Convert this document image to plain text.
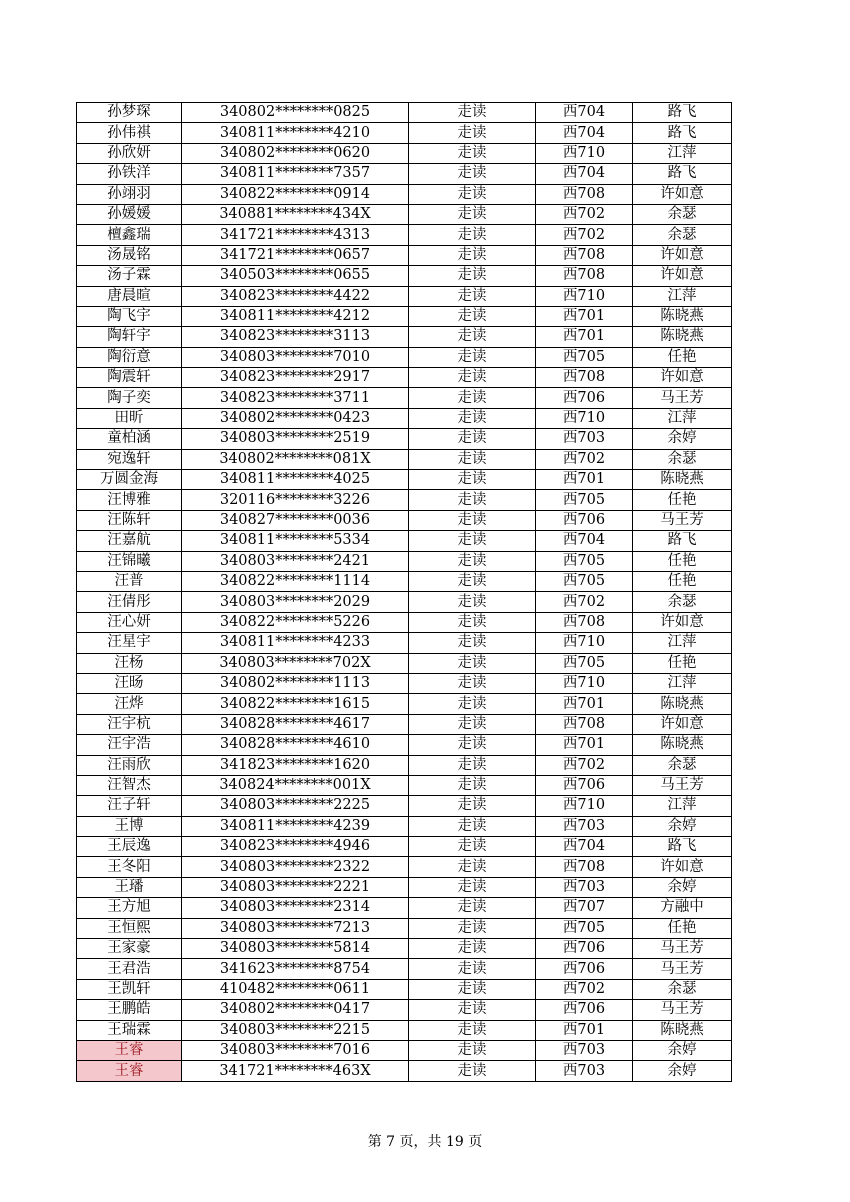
孙梦琛	340802********0825	走读	西704	路飞
孙伟祺	340811********4210	走读	西704	路飞
孙欣妍	340802********0620	走读	西710	江萍
孙铁洋	340811********7357	走读	西704	路飞
孙翊羽	340822********0914	走读	西708	许如意
孙媛媛	340881********434X	走读	西702	余瑟
檀鑫瑞	341721********4313	走读	西702	余瑟
汤晟铭	341721********0657	走读	西708	许如意
汤子霖	340503********0655	走读	西708	许如意
唐晨暄	340823********4422	走读	西710	江萍
陶飞宇	340811********4212	走读	西701	陈晓燕
陶轩宇	340823********3113	走读	西701	陈晓燕
陶衍意	340803********7010	走读	西705	任艳
陶震轩	340823********2917	走读	西708	许如意
陶子奕	340823********3711	走读	西706	马王芳
田昕	340802********0423	走读	西710	江萍
童柏涵	340803********2519	走读	西703	余婷
宛逸轩	340802********081X	走读	西702	余瑟
万圆金海	340811********4025	走读	西701	陈晓燕
汪博雅	320116********3226	走读	西705	任艳
汪陈轩	340827********0036	走读	西706	马王芳
汪嘉航	340811********5334	走读	西704	路飞
汪锦曦	340803********2421	走读	西705	任艳
汪普	340822********1114	走读	西705	任艳
汪倩彤	340803********2029	走读	西702	余瑟
汪心妍	340822********5226	走读	西708	许如意
汪星宇	340811********4233	走读	西710	江萍
汪杨	340803********702X	走读	西705	任艳
汪旸	340802********1113	走读	西710	江萍
汪烨	340822********1615	走读	西701	陈晓燕
汪宇杭	340828********4617	走读	西708	许如意
汪宇浩	340828********4610	走读	西701	陈晓燕
汪雨欣	341823********1620	走读	西702	余瑟
汪智杰	340824********001X	走读	西706	马王芳
汪子轩	340803********2225	走读	西710	江萍
王博	340811********4239	走读	西703	余婷
王辰逸	340823********4946	走读	西704	路飞
王冬阳	340803********2322	走读	西708	许如意
王璠	340803********2221	走读	西703	余婷
王方旭	340803********2314	走读	西707	方融中
王恒熙	340803********7213	走读	西705	任艳
王家豪	340803********5814	走读	西706	马王芳
王君浩	341623********8754	走读	西706	马王芳
王凯轩	410482********0611	走读	西702	余瑟
王鹏皓	340802********0417	走读	西706	马王芳
王瑞霖	340803********2215	走读	西701	陈晓燕
王睿	340803********7016	走读	西703	余婷
王睿	341721********463X	走读	西703	余婷
第 7 页，共 19 页
